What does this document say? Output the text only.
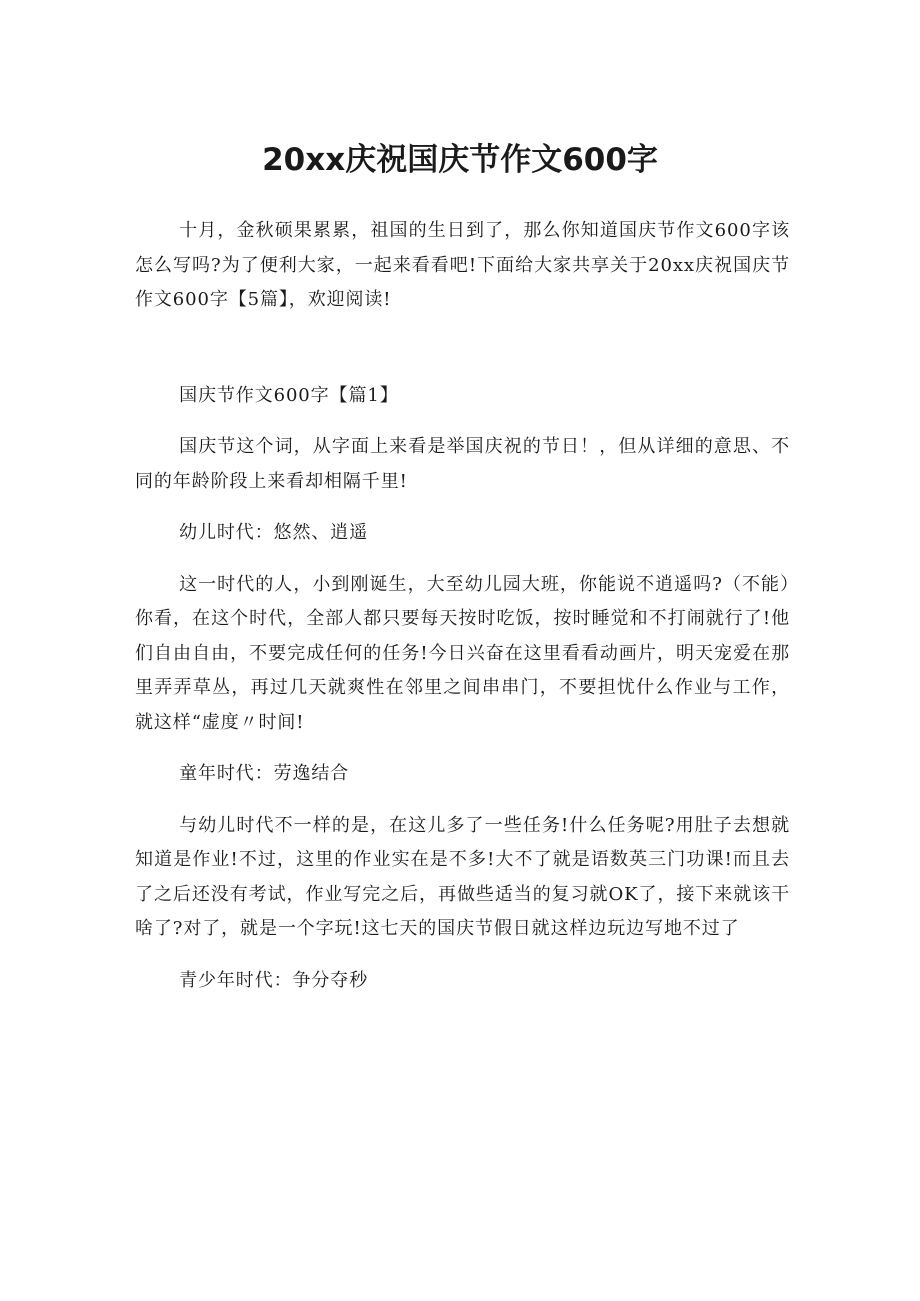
20xx庆祝国庆节作文600字

十月，金秋硕果累累，祖国的生日到了，那么你知道国庆节作文600字该怎么写吗?为了便利大家，一起来看看吧!下面给大家共享关于20xx庆祝国庆节作文600字【5篇】，欢迎阅读!

国庆节作文600字【篇1】

国庆节这个词，从字面上来看是举国庆祝的节日！，但从详细的意思、不同的年龄阶段上来看却相隔千里!

幼儿时代：悠然、逍遥

这一时代的人，小到刚诞生，大至幼儿园大班，你能说不逍遥吗?（不能）你看，在这个时代，全部人都只要每天按时吃饭，按时睡觉和不打闹就行了!他们自由自由，不要完成任何的任务!今日兴奋在这里看看动画片，明天宠爱在那里弄弄草丛，再过几天就爽性在邻里之间串串门，不要担忧什么作业与工作，就这样“虚度〃时间!

童年时代：劳逸结合

与幼儿时代不一样的是，在这儿多了一些任务!什么任务呢?用肚子去想就知道是作业!不过，这里的作业实在是不多!大不了就是语数英三门功课!而且去了之后还没有考试，作业写完之后，再做些适当的复习就OK了，接下来就该干啥了?对了，就是一个字玩!这七天的国庆节假日就这样边玩边写地不过了

青少年时代：争分夺秒
